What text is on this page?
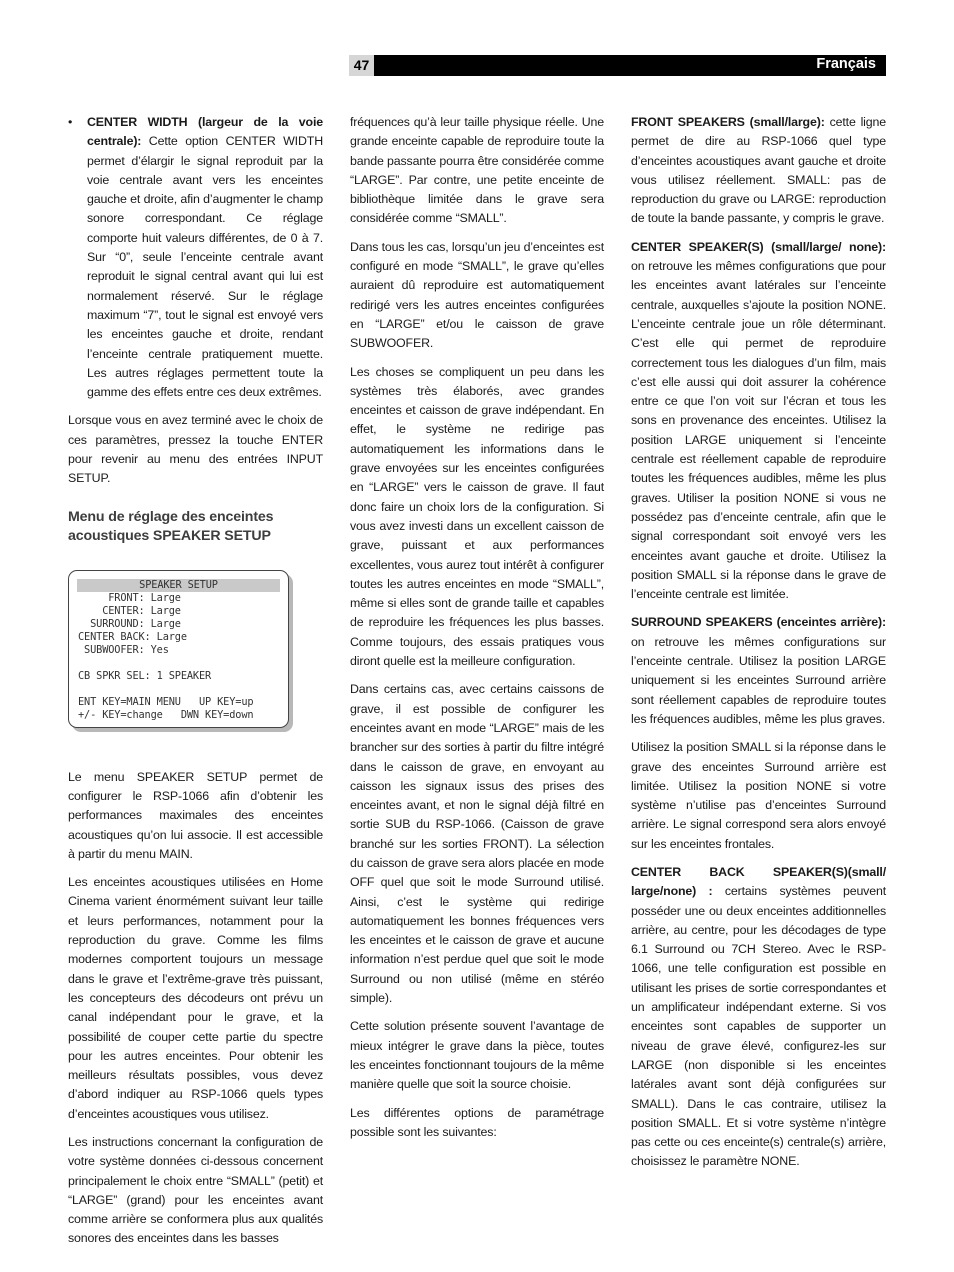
47	Français
• CENTER WIDTH (largeur de la voie centrale): Cette option CENTER WIDTH permet d’élargir le signal reproduit par la voie centrale avant vers les enceintes gauche et droite, afin d’augmenter le champ sonore correspondant. Ce réglage comporte huit valeurs différentes, de 0 à 7. Sur “0”, seule l’enceinte centrale avant reproduit le signal central avant qui lui est normalement réservé. Sur le réglage maximum “7”, tout le signal est envoyé vers les enceintes gauche et droite, rendant l’enceinte centrale pratiquement muette. Les autres réglages permettent toute la gamme des effets entre ces deux extrêmes.

Lorsque vous en avez terminé avec le choix de ces paramètres, pressez la touche ENTER pour revenir au menu des entrées INPUT SETUP.

Menu de réglage des enceintes acoustiques SPEAKER SETUP
SPEAKER SETUP
FRONT: Large
CENTER: Large
SURROUND: Large
CENTER BACK: Large
SUBWOOFER: Yes
CB SPKR SEL: 1 SPEAKER
ENT KEY=MAIN MENU   UP KEY=up
+/- KEY=change   DWN KEY=down

Le menu SPEAKER SETUP permet de configurer le RSP-1066 afin d’obtenir les performances maximales des enceintes acoustiques qu’on lui associe. Il est accessible à partir du menu MAIN.

Les enceintes acoustiques utilisées en Home Cinema varient énormément suivant leur taille et leurs performances, notamment pour la reproduction du grave. Comme les films modernes comportent toujours un message dans le grave et l’extrême-grave très puissant, les concepteurs des décodeurs ont prévu un canal indépendant pour le grave, et la possibilité de couper cette partie du spectre pour les autres enceintes. Pour obtenir les meilleurs résultats possibles, vous devez d’abord indiquer au RSP-1066 quels types d’enceintes acoustiques vous utilisez.

Les instructions concernant la configuration de votre système données ci-dessous concernent principalement le choix entre “SMALL” (petit) et “LARGE” (grand) pour les enceintes avant comme arrière se conformera plus aux qualités sonores des enceintes dans les basses

fréquences qu’à leur taille physique réelle. Une grande enceinte capable de reproduire toute la bande passante pourra être considérée comme “LARGE”. Par contre, une petite enceinte de bibliothèque limitée dans le grave sera considérée comme “SMALL”.

Dans tous les cas, lorsqu’un jeu d’enceintes est configuré en mode “SMALL”, le grave qu’elles auraient dû reproduire est automatiquement redirigé vers les autres enceintes configurées en “LARGE” et/ou le caisson de grave SUBWOOFER.

Les choses se compliquent un peu dans les systèmes très élaborés, avec grandes enceintes et caisson de grave indépendant. En effet, le système ne redirige pas automatiquement les informations dans le grave envoyées sur les enceintes configurées en “LARGE” vers le caisson de grave. Il faut donc faire un choix lors de la configuration. Si vous avez investi dans un excellent caisson de grave, puissant et aux performances excellentes, vous aurez tout intérêt à configurer toutes les autres enceintes en mode “SMALL”, même si elles sont de grande taille et capables de reproduire les fréquences les plus basses. Comme toujours, des essais pratiques vous diront quelle est la meilleure configuration.

Dans certains cas, avec certains caissons de grave, il est possible de configurer les enceintes avant en mode “LARGE” mais de les brancher sur des sorties à partir du filtre intégré dans le caisson de grave, en envoyant au caisson les signaux issus des prises des enceintes avant, et non le signal déjà filtré en sortie SUB du RSP-1066. (Caisson de grave branché sur les sorties FRONT). La sélection du caisson de grave sera alors placée en mode OFF quel que soit le mode Surround utilisé. Ainsi, c’est le système qui redirige automatiquement les bonnes fréquences vers les enceintes et le caisson de grave et aucune information n’est perdue quel que soit le mode Surround ou non utilisé (même en stéréo simple).

Cette solution présente souvent l’avantage de mieux intégrer le grave dans la pièce, toutes les enceintes fonctionnant toujours de la même manière quelle que soit la source choisie.

Les différentes options de paramétrage possible sont les suivantes:

FRONT SPEAKERS (small/large): cette ligne permet de dire au RSP-1066 quel type d’enceintes acoustiques avant gauche et droite vous utilisez réellement. SMALL: pas de reproduction du grave ou LARGE: reproduction de toute la bande passante, y compris le grave.

CENTER SPEAKER(S) (small/large/ none): on retrouve les mêmes configurations que pour les enceintes avant latérales sur l’enceinte centrale, auxquelles s’ajoute la position NONE. L’enceinte centrale joue un rôle déterminant. C’est elle qui permet de reproduire correctement tous les dialogues d’un film, mais c’est elle aussi qui doit assurer la cohérence entre ce que l’on voit sur l’écran et tous les sons en provenance des enceintes. Utilisez la position LARGE uniquement si l’enceinte centrale est réellement capable de reproduire toutes les fréquences audibles, même les plus graves. Utiliser la position NONE si vous ne possédez pas d’enceinte centrale, afin que le signal correspondant soit envoyé vers les enceintes avant gauche et droite. Utilisez la position SMALL si la réponse dans le grave de l’enceinte centrale est limitée.

SURROUND SPEAKERS (enceintes arrière): on retrouve les mêmes configurations sur l’enceinte centrale. Utilisez la position LARGE uniquement si les enceintes Surround arrière sont réellement capables de reproduire toutes les fréquences audibles, même les plus graves.

Utilisez la position SMALL si la réponse dans le grave des enceintes Surround arrière est limitée. Utilisez la position NONE si votre système n’utilise pas d’enceintes Surround arrière. Le signal correspond sera alors envoyé sur les enceintes frontales.

CENTER BACK SPEAKER(S)(small/ large/none) : certains systèmes peuvent posséder une ou deux enceintes additionnelles arrière, au centre, pour les décodages de type 6.1 Surround ou 7CH Stereo. Avec le RSP-1066, une telle configuration est possible en utilisant les prises de sortie correspondantes et un amplificateur indépendant externe. Si vos enceintes sont capables de supporter un niveau de grave élevé, configurez-les sur LARGE (non disponible si les enceintes latérales avant sont déjà configurées sur SMALL). Dans le cas contraire, utilisez la position SMALL. Et si votre système n’intègre pas cette ou ces enceinte(s) centrale(s) arrière, choisissez le paramètre NONE.
